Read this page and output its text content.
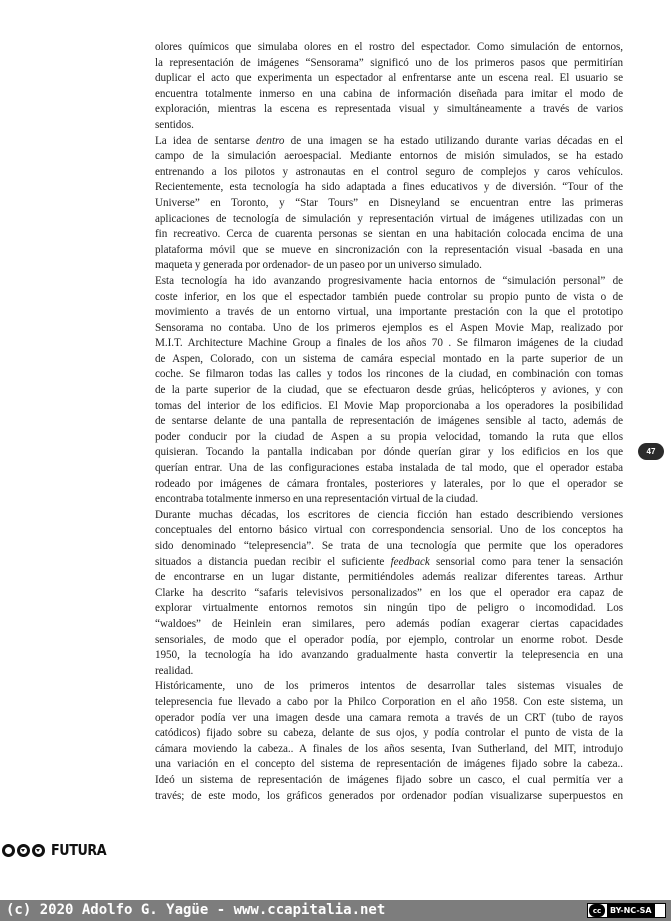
olores químicos que simulaba olores en el rostro del espectador. Como simulación de entornos,
la representación de imágenes “Sensorama” significó uno de los primeros pasos que permitirían
duplicar el acto que experimenta un espectador al enfrentarse ante un escena real. El usuario se
encuentra totalmente inmerso en una cabina de información diseñada para imitar el modo de
exploración, mientras la escena es representada visual y simultáneamente a través de varios
sentidos.
La idea de sentarse dentro de una imagen se ha estado utilizando durante varias décadas en el
campo de la simulación aeroespacial. Mediante entornos de misión simulados, se ha estado
entrenando a los pilotos y astronautas en el control seguro de complejos y caros vehículos.
Recientemente, esta tecnología ha sido adaptada a fines educativos y de diversión. “Tour of the
Universe” en Toronto, y “Star Tours” en Disneyland se encuentran entre las primeras
aplicaciones de tecnología de simulación y representación virtual de imágenes utilizadas con un
fin recreativo. Cerca de cuarenta personas se sientan en una habitación colocada encima de una
plataforma móvil que se mueve en sincronización con la representación visual -basada en una
maqueta y generada por ordenador- de un paseo por un universo simulado.
Esta tecnología ha ido avanzando progresivamente hacia entornos de “simulación personal” de
coste inferior, en los que el espectador también puede controlar su propio punto de vista o de
movimiento a través de un entorno virtual, una importante prestación con la que el prototipo
Sensorama no contaba. Uno de los primeros ejemplos es el Aspen Movie Map, realizado por
M.I.T. Architecture Machine Group a finales de los años 70 . Se filmaron imágenes de la ciudad
de Aspen, Colorado, con un sistema de camára especial montado en la parte superior de un
coche. Se filmaron todas las calles y todos los rincones de la ciudad, en combinación con tomas
de la parte superior de la ciudad, que se efectuaron desde grúas, helicópteros y aviones, y con
tomas del interior de los edificios. El Movie Map proporcionaba a los operadores la posibilidad
de sentarse delante de una pantalla de representación de imágenes sensible al tacto, además de
poder conducir por la ciudad de Aspen a su propia velocidad, tomando la ruta que ellos
quisieran. Tocando la pantalla indicaban por dónde querían girar y los edificios en los que
querían entrar. Una de las configuraciones estaba instalada de tal modo, que el operador estaba
rodeado por imágenes de cámara frontales, posteriores y laterales, por lo que el operador se
encontraba totalmente inmerso en una representación virtual de la ciudad.
Durante muchas décadas, los escritores de ciencia ficción han estado describiendo versiones
conceptuales del entorno básico virtual con correspondencia sensorial. Uno de los conceptos ha
sido denominado “telepresencia”. Se trata de una tecnología que permite que los operadores
situados a distancia puedan recibir el suficiente feedback sensorial como para tener la sensación
de encontrarse en un lugar distante, permitiéndoles además realizar diferentes tareas. Arthur
Clarke ha descrito “safaris televisivos personalizados” en los que el operador era capaz de
explorar virtualmente entornos remotos sin ningún tipo de peligro o incomodidad. Los
“waldoes” de Heinlein eran similares, pero además podían exagerar ciertas capacidades
sensoriales, de modo que el operador podía, por ejemplo, controlar un enorme robot. Desde
1950, la tecnología ha ido avanzando gradualmente hasta convertir la telepresencia en una
realidad.
Históricamente, uno de los primeros intentos de desarrollar tales sistemas visuales de
telepresencia fue llevado a cabo por la Philco Corporation en el año 1958. Con este sistema, un
operador podía ver una imagen desde una camara remota a través de un CRT (tubo de rayos
catódicos) fijado sobre su cabeza, delante de sus ojos, y podía controlar el punto de vista de la
cámara moviendo la cabeza.. A finales de los años sesenta, Ivan Sutherland, del MIT, introdujo
una variación en el concepto del sistema de representación de imágenes fijado sobre la cabeza..
Ideó un sistema de representación de imágenes fijado sobre un casco, el cual permitía ver a
través; de este modo, los gráficos generados por ordenador podían visualizarse superpuestos en
47
FUTURA
(c) 2020 Adolfo G. Yagüe - www.ccapitalia.net	cc	BY-NC-SA
